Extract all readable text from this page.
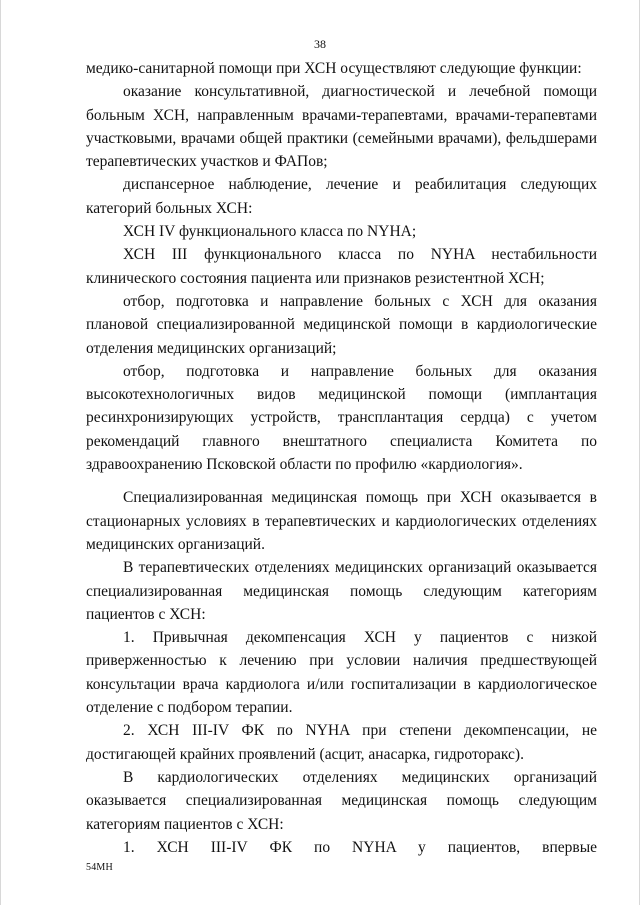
38

медико-санитарной помощи при ХСН осуществляют следующие функции:

оказание консультативной, диагностической и лечебной помощи больным ХСН, направленным врачами-терапевтами, врачами-терапевтами участковыми, врачами общей практики (семейными врачами), фельдшерами терапевтических участков и ФАПов;

диспансерное наблюдение, лечение и реабилитация следующих категорий больных ХСН:

ХСН IV функционального класса по NYHA;

ХСН III функционального класса по NYHA нестабильности клинического состояния пациента или признаков резистентной ХСН;

отбор, подготовка и направление больных с ХСН для оказания плановой специализированной медицинской помощи в кардиологические отделения медицинских организаций;

отбор, подготовка и направление больных для оказания высокотехнологичных видов медицинской помощи (имплантация ресинхронизирующих устройств, трансплантация сердца) с учетом рекомендаций главного внештатного специалиста Комитета по здравоохранению Псковской области по профилю «кардиология».

Специализированная медицинская помощь при ХСН оказывается в стационарных условиях в терапевтических и кардиологических отделениях медицинских организаций.

В терапевтических отделениях медицинских организаций оказывается специализированная медицинская помощь следующим категориям пациентов с ХСН:

1. Привычная декомпенсация ХСН у пациентов с низкой приверженностью к лечению при условии наличия предшествующей консультации врача кардиолога и/или госпитализации в кардиологическое отделение с подбором терапии.

2. ХСН III-IV ФК по NYHA при степени декомпенсации, не достигающей крайних проявлений (асцит, анасарка, гидроторакс).

В кардиологических отделениях медицинских организаций оказывается специализированная медицинская помощь следующим категориям пациентов с ХСН:

1. ХСН III-IV ФК по NYHA у пациентов, впервые

54МН
